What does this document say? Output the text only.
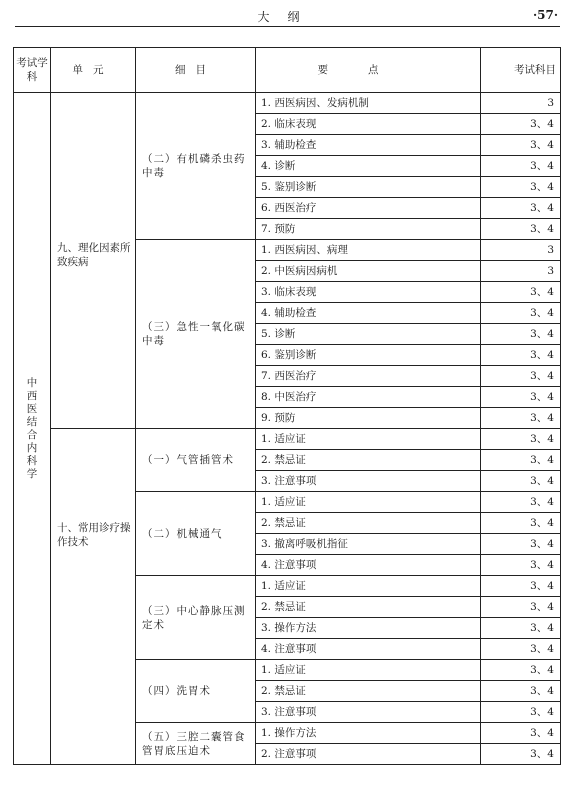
大纲	·57·
考试学科	单元	细目	要点	考试科目
中西医结合内科学	九、理化因素所致疾病	（二）有机磷杀虫药中毒	1. 西医病因、发病机制	3
			2. 临床表现	3、4
			3. 辅助检查	3、4
			4. 诊断	3、4
			5. 鉴别诊断	3、4
			6. 西医治疗	3、4
			7. 预防	3、4
		（三）急性一氧化碳中毒	1. 西医病因、病理	3
			2. 中医病因病机	3
			3. 临床表现	3、4
			4. 辅助检查	3、4
			5. 诊断	3、4
			6. 鉴别诊断	3、4
			7. 西医治疗	3、4
			8. 中医治疗	3、4
			9. 预防	3、4
	十、常用诊疗操作技术	（一）气管插管术	1. 适应证	3、4
			2. 禁忌证	3、4
			3. 注意事项	3、4
		（二）机械通气	1. 适应证	3、4
			2. 禁忌证	3、4
			3. 撤离呼吸机指征	3、4
			4. 注意事项	3、4
		（三）中心静脉压测定术	1. 适应证	3、4
			2. 禁忌证	3、4
			3. 操作方法	3、4
			4. 注意事项	3、4
		（四）洗胃术	1. 适应证	3、4
			2. 禁忌证	3、4
			3. 注意事项	3、4
		（五）三腔二囊管食管胃底压迫术	1. 操作方法	3、4
			2. 注意事项	3、4
